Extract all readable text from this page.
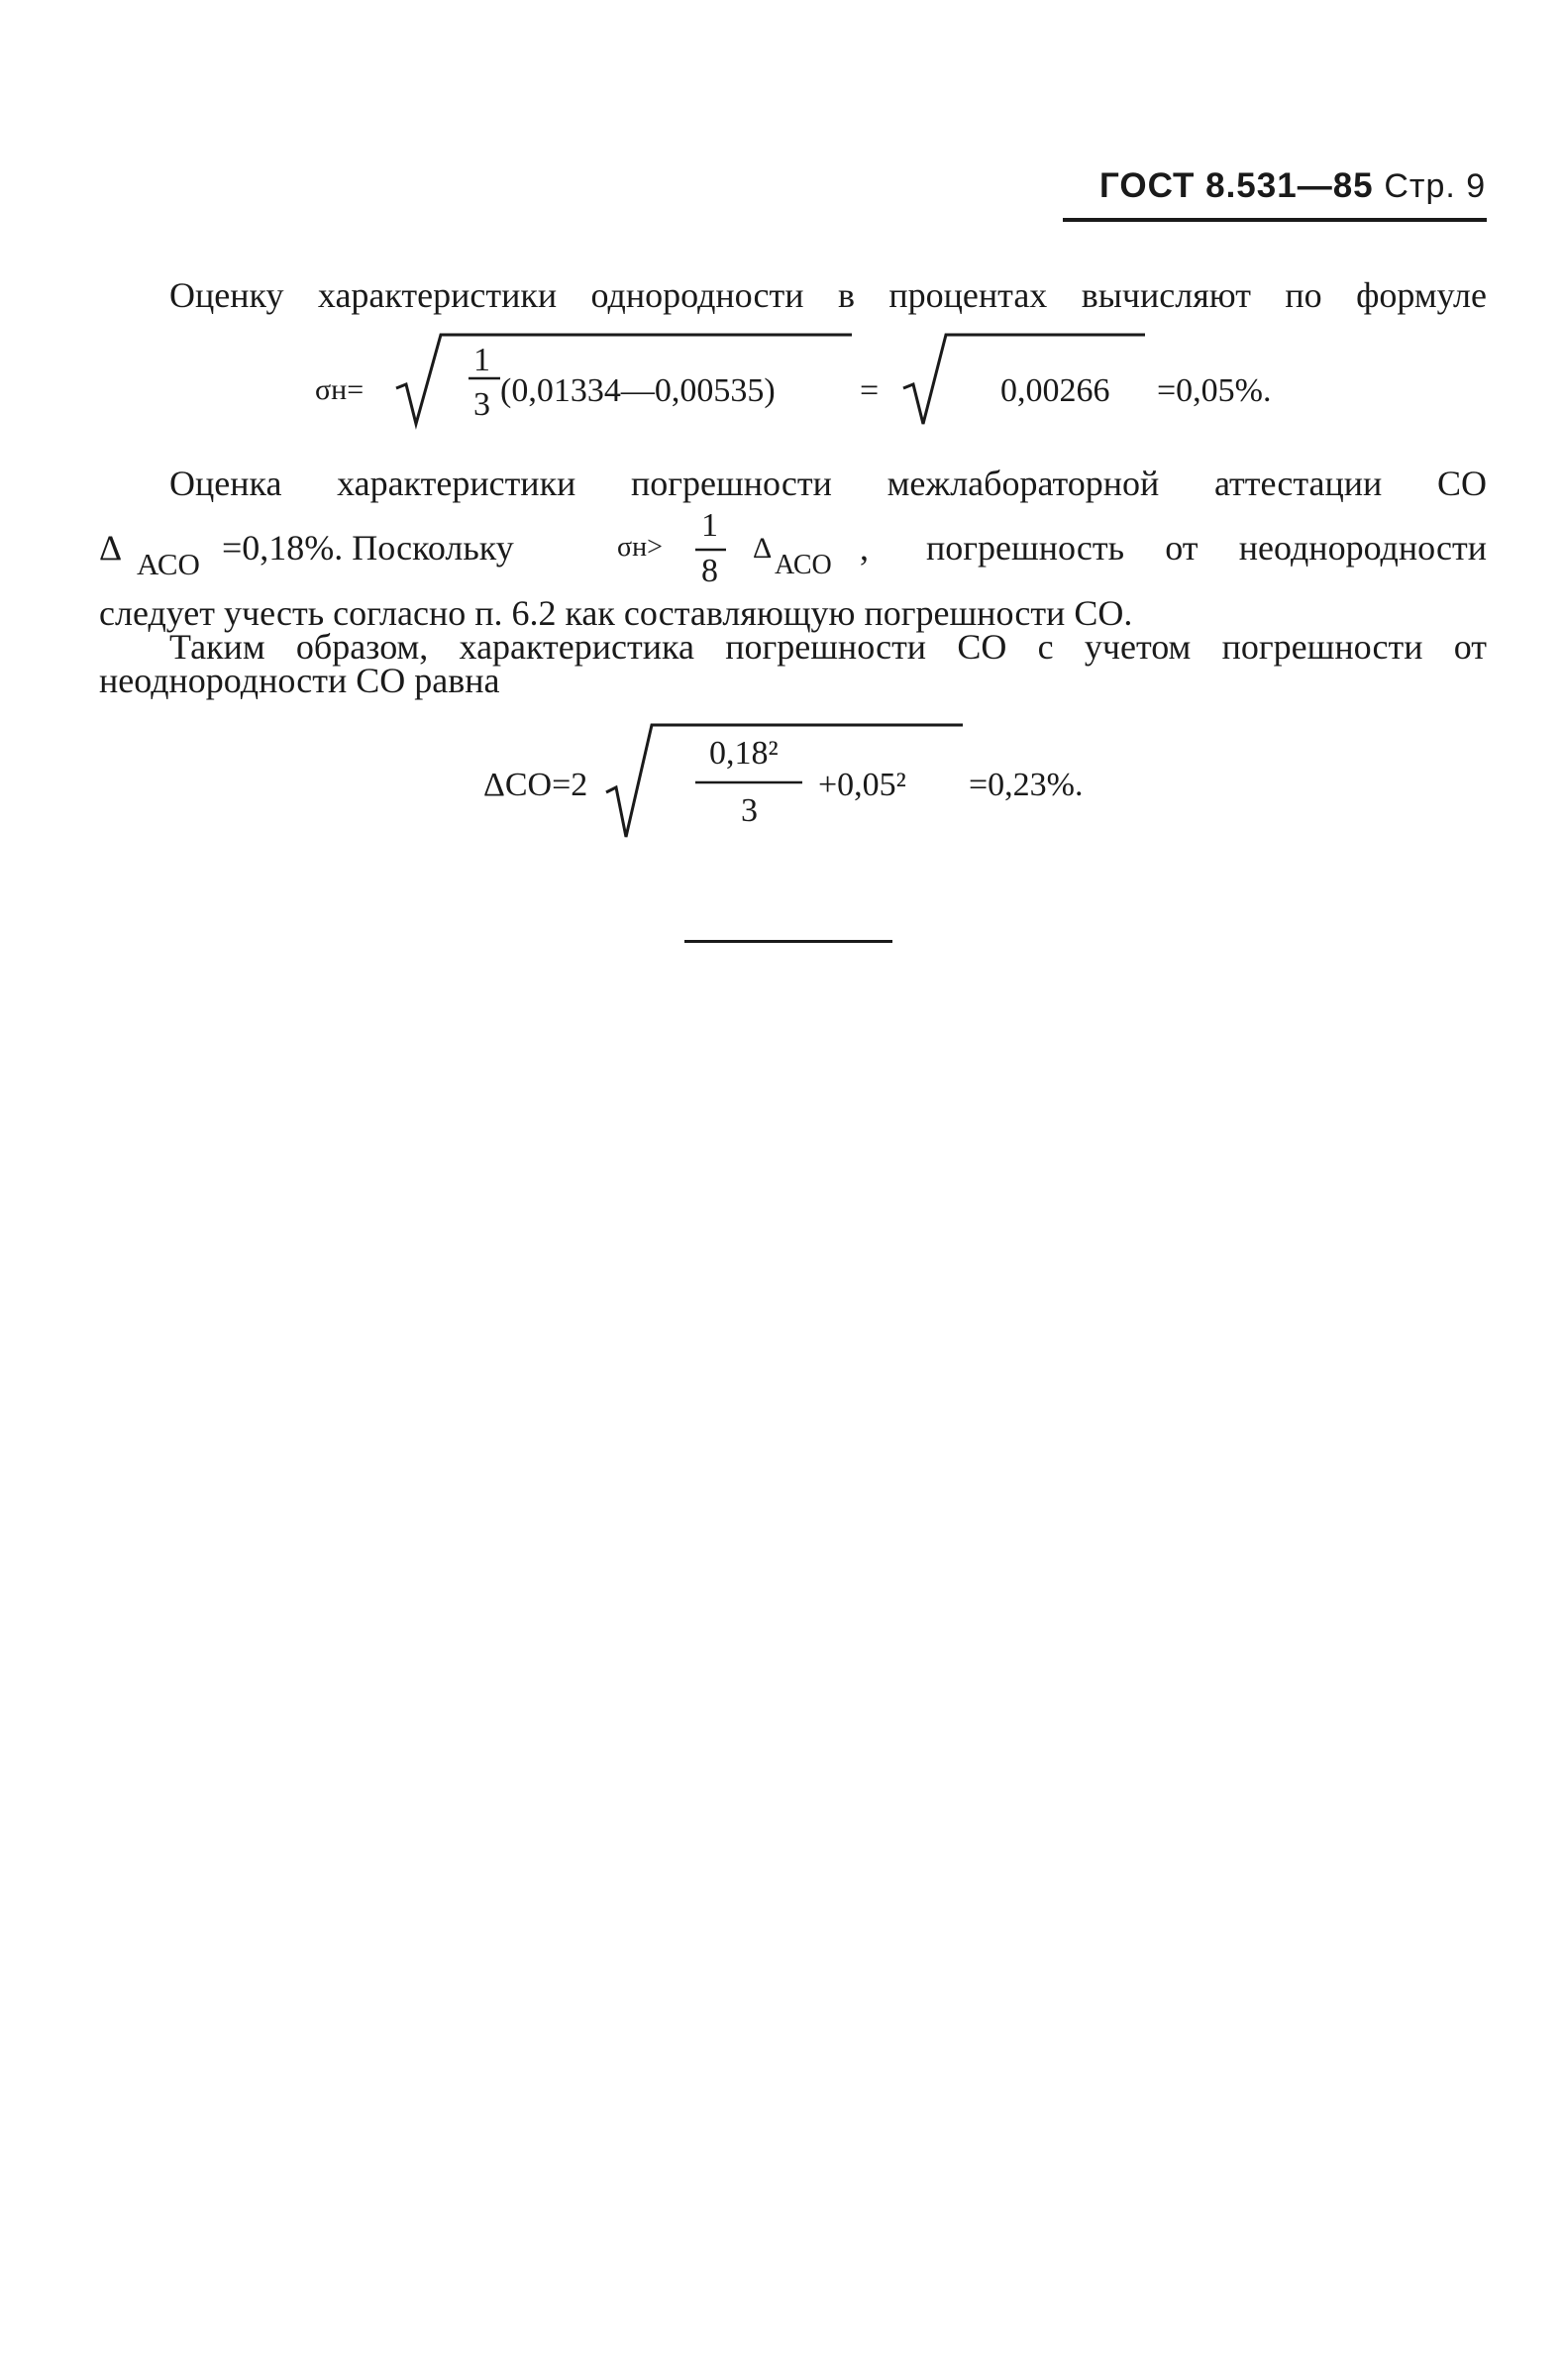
ГОСТ 8.531—85 Стр. 9
Оценку характеристики однородности в процентах вычисляют по формуле
σн=
1
3 (0,01334—0,00535)	=	0,00266 =0,05%.
Оценка характеристики погрешности межлабораторной аттестации СО
Δ АСО =0,18%. Поскольку	σн>
1
8
Δ
АСО , погрешность от неоднородности
следует учесть согласно п. 6.2 как составляющую погрешности СО.
Таким образом, характеристика погрешности СО с учетом погрешности от
неоднородности СО равна
ΔСО=2
0,18²
3
+0,05² =0,23%.
